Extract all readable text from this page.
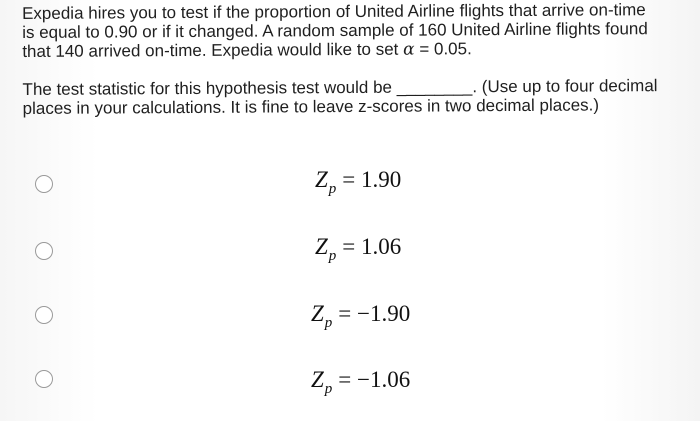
Expedia hires you to test if the proportion of United Airline flights that arrive on-time

is equal to 0.90 or if it changed. A random sample of 160 United Airline flights found

that 140 arrived on-time. Expedia would like to set α = 0.05.

The test statistic for this hypothesis test would be ________. (Use up to four decimal

places in your calculations. It is fine to leave z-scores in two decimal places.)

$Z_p = 1.90$
$Z_p = 1.06$
$Z_p = -1.90$
$Z_p = -1.06$
